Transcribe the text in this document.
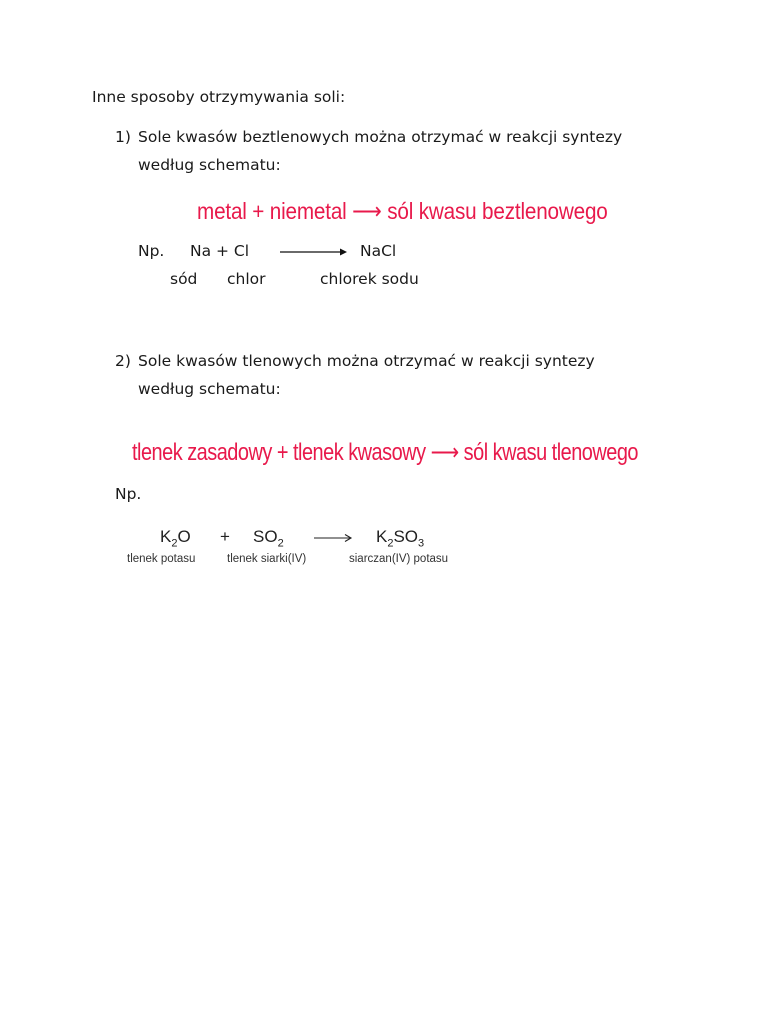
Inne sposoby otrzymywania soli:
1) Sole kwasów beztlenowych można otrzymać w reakcji syntezy
według schematu:
metal + niemetal ⟶ sól kwasu beztlenowego
Np. Na + Cl	NaCl
sód chlor	chlorek sodu
2) Sole kwasów tlenowych można otrzymać w reakcji syntezy
według schematu:
tlenek zasadowy + tlenek kwasowy ⟶ sól kwasu tlenowego
Np.
$K_2O + SO_2 \to K_2SO_3$
tlenek potasu	tlenek siarki(IV)	siarczan(IV) potasu
